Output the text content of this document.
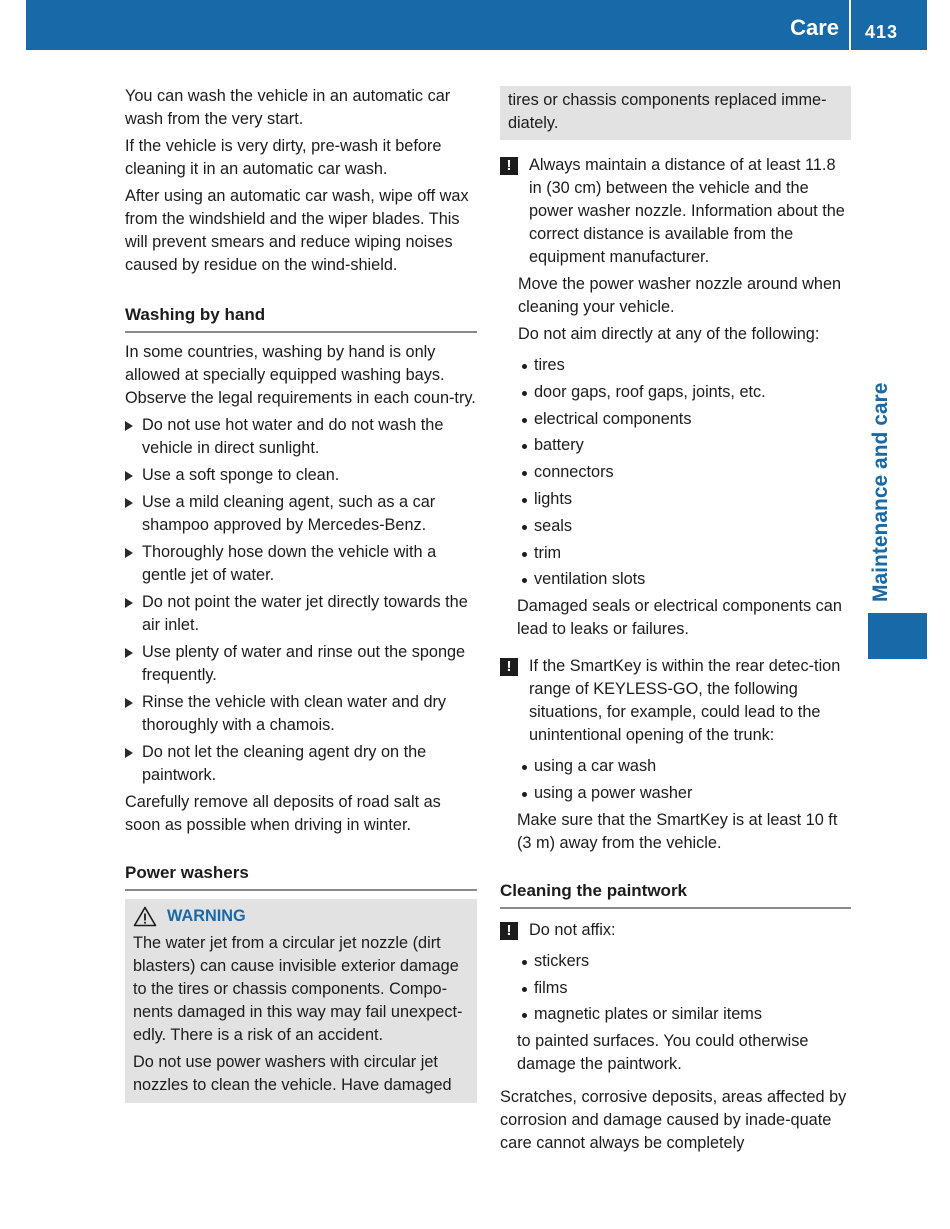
Care 413
Maintenance and care

You can wash the vehicle in an automatic car wash from the very start.

If the vehicle is very dirty, pre-wash it before cleaning it in an automatic car wash.

After using an automatic car wash, wipe off wax from the windshield and the wiper blades. This will prevent smears and reduce wiping noises caused by residue on the wind-shield.

Washing by hand

In some countries, washing by hand is only allowed at specially equipped washing bays. Observe the legal requirements in each coun-try.

Do not use hot water and do not wash the vehicle in direct sunlight.
Use a soft sponge to clean.
Use a mild cleaning agent, such as a car shampoo approved by Mercedes-Benz.
Thoroughly hose down the vehicle with a gentle jet of water.
Do not point the water jet directly towards the air inlet.
Use plenty of water and rinse out the sponge frequently.
Rinse the vehicle with clean water and dry thoroughly with a chamois.
Do not let the cleaning agent dry on the paintwork.

Carefully remove all deposits of road salt as soon as possible when driving in winter.

Power washers
WARNING

The water jet from a circular jet nozzle (dirt blasters) can cause invisible exterior damage to the tires or chassis components. Compo-nents damaged in this way may fail unexpect-edly. There is a risk of an accident.

Do not use power washers with circular jet nozzles to clean the vehicle. Have damaged

tires or chassis components replaced imme-diately.

!	Always maintain a distance of at least 11.8 in (30 cm) between the vehicle and the power washer nozzle. Information about the correct distance is available from the equipment manufacturer.

Move the power washer nozzle around when cleaning your vehicle.

Do not aim directly at any of the following:

tires
door gaps, roof gaps, joints, etc.
electrical components
battery
connectors
lights
seals
trim
ventilation slots

Damaged seals or electrical components can lead to leaks or failures.

!	If the SmartKey is within the rear detec-tion range of KEYLESS-GO, the following situations, for example, could lead to the unintentional opening of the trunk:

using a car wash
using a power washer

Make sure that the SmartKey is at least 10 ft (3 m) away from the vehicle.

Cleaning the paintwork
!	Do not affix:

stickers
films
magnetic plates or similar items

to painted surfaces. You could otherwise damage the paintwork.

Scratches, corrosive deposits, areas affected by corrosion and damage caused by inade-quate care cannot always be completely
